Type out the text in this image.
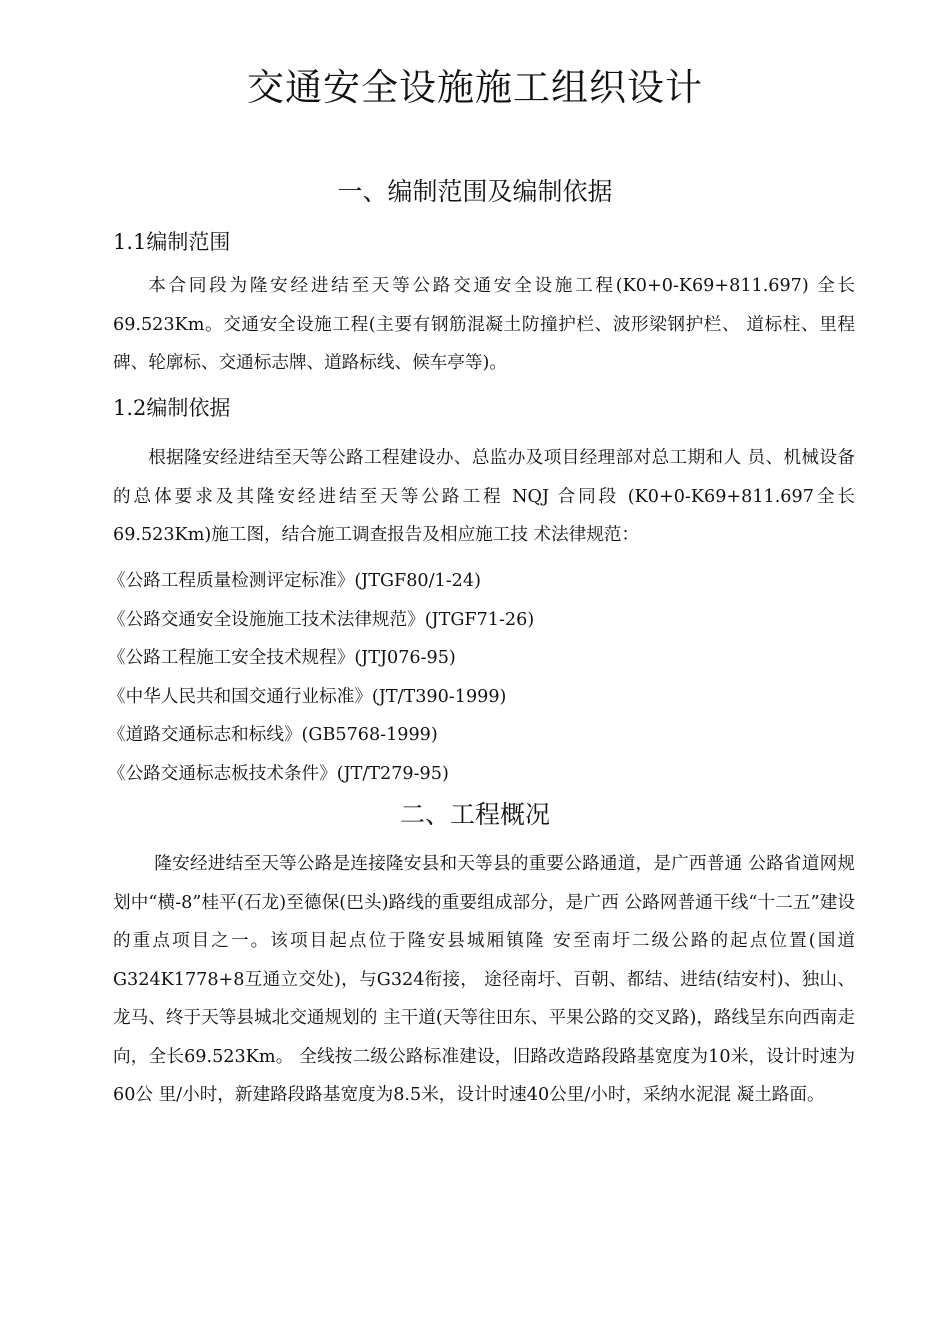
交通安全设施施工组织设计
一、编制范围及编制依据
1.1编制范围

本合同段为隆安经进结至天等公路交通安全设施工程(K0+0-K69+811.697) 全长69.523Km。交通安全设施工程(主要有钢筋混凝土防撞护栏、波形梁钢护栏、 道标柱、里程碑、轮廓标、交通标志牌、道路标线、候车亭等)。

1.2编制依据

根据隆安经进结至天等公路工程建设办、总监办及项目经理部对总工期和人 员、机械设备的总体要求及其隆安经进结至天等公路工程 NQJ 合同段 (K0+0-K69+811.697全长69.523Km)施工图，结合施工调查报告及相应施工技 术法律规范：

《公路工程质量检测评定标准》(JTGF80/1-24)
《公路交通安全设施施工技术法律规范》(JTGF71-26)
《公路工程施工安全技术规程》(JTJ076-95)
《中华人民共和国交通行业标准》(JT/T390-1999)
《道路交通标志和标线》(GB5768-1999)
《公路交通标志板技术条件》(JT/T279-95)
二、工程概况

隆安经进结至天等公路是连接隆安县和天等县的重要公路通道，是广西普通 公路省道网规划中“横-8”桂平(石龙)至德保(巴头)路线的重要组成部分，是广西 公路网普通干线“十二五”建设的重点项目之一。该项目起点位于隆安县城厢镇隆 安至南圩二级公路的起点位置(国道G324K1778+8互通立交处)，与G324衔接， 途径南圩、百朝、都结、进结(结安村)、独山、龙马、终于天等县城北交通规划的 主干道(天等往田东、平果公路的交叉路)，路线呈东向西南走向，全长69.523Km。 全线按二级公路标准建设，旧路改造路段路基宽度为10米，设计时速为60公 里/小时，新建路段路基宽度为8.5米，设计时速40公里/小时，采纳水泥混 凝土路面。
